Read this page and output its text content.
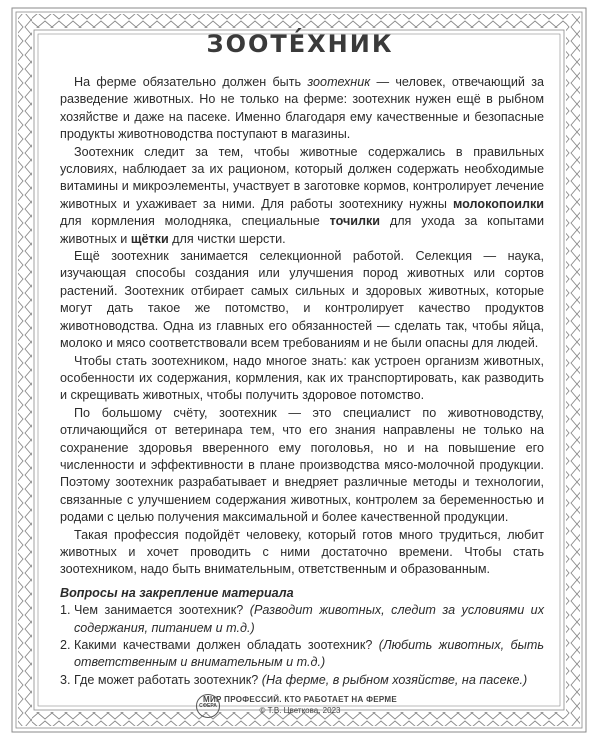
ЗООТЕ́ХНИК

На ферме обязательно должен быть зоотехник — человек, отвечающий за разведение животных. Но не только на ферме: зоотехник нужен ещё в рыбном хозяйстве и даже на пасеке. Именно благодаря ему качественные и безопасные продукты животноводства поступают в магазины.

Зоотехник следит за тем, чтобы животные содержались в правильных условиях, наблюдает за их рационом, который должен содержать необходимые витамины и микроэлементы, участвует в заготовке кормов, контролирует лечение животных и ухаживает за ними. Для работы зоотехнику нужны молокопоилки для кормления молодняка, специальные точилки для ухода за копытами животных и щётки для чистки шерсти.

Ещё зоотехник занимается селекционной работой. Селекция — наука, изучающая способы создания или улучшения пород животных или сортов растений. Зоотехник отбирает самых сильных и здоровых животных, которые могут дать такое же потомство, и контролирует качество продуктов животноводства. Одна из главных его обязанностей — сделать так, чтобы яйца, молоко и мясо соответствовали всем требованиям и не были опасны для людей.

Чтобы стать зоотехником, надо многое знать: как устроен организм животных, особенности их содержания, кормления, как их транспортировать, как разводить и скрещивать животных, чтобы получить здоровое потомство.

По большому счёту, зоотехник — это специалист по животноводству, отличающийся от ветеринара тем, что его знания направлены не только на сохранение здоровья вверенного ему поголовья, но и на повышение его численности и эффективности в плане производства мясо-молочной продукции. Поэтому зоотехник разрабатывает и внедряет различные методы и технологии, связанные с улучшением содержания животных, контролем за беременностью и родами с целью получения максимальной и более качественной продукции.

Такая профессия подойдёт человеку, который готов много трудиться, любит животных и хочет проводить с ними достаточно времени. Чтобы стать зоотехником, надо быть внимательным, ответственным и образованным.

Вопросы на закрепление материала
1. Чем занимается зоотехник? (Разводит животных, следит за условиями их содержания, питанием и т.д.)
2. Какими качествами должен обладать зоотехник? (Любить животных, быть ответственным и внимательным и т.д.)
3. Где может работать зоотехник? (На ферме, в рыбном хозяйстве, на пасеке.)
СФЕРА
МИР ПРОФЕССИЙ. КТО РАБОТАЕТ НА ФЕРМЕ
© Т.В. Цветкова, 2023
